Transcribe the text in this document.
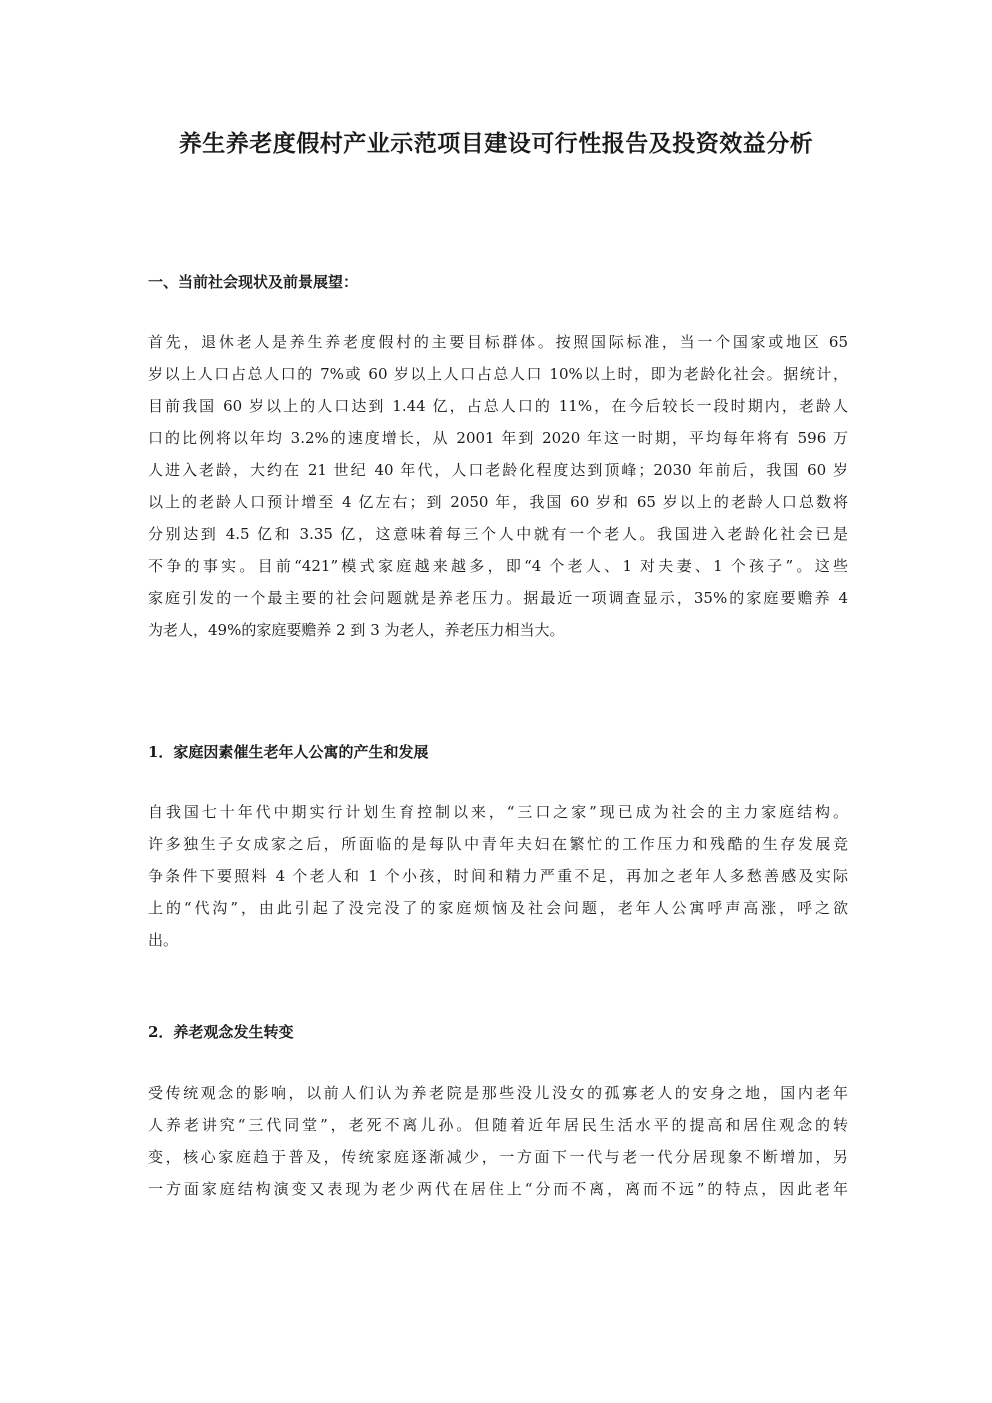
养生养老度假村产业示范项目建设可行性报告及投资效益分析
一、当前社会现状及前景展望：
首先，退休老人是养生养老度假村的主要目标群体。按照国际标准，当一个国家或地区 65
岁以上人口占总人口的 7%或 60 岁以上人口占总人口 10%以上时，即为老龄化社会。据统计，
目前我国 60 岁以上的人口达到 1.44 亿，占总人口的 11%，在今后较长一段时期内，老龄人
口的比例将以年均 3.2%的速度增长，从 2001 年到 2020 年这一时期，平均每年将有 596 万
人进入老龄，大约在 21 世纪 40 年代，人口老龄化程度达到顶峰；2030 年前后，我国 60 岁
以上的老龄人口预计增至 4 亿左右；到 2050 年，我国 60 岁和 65 岁以上的老龄人口总数将
分别达到 4.5 亿和 3.35 亿，这意味着每三个人中就有一个老人。我国进入老龄化社会已是
不争的事实。目前“421”模式家庭越来越多，即“4 个老人、1 对夫妻、1 个孩子”。这些
家庭引发的一个最主要的社会问题就是养老压力。据最近一项调查显示，35%的家庭要赡养 4
为老人，49%的家庭要赡养 2 到 3 为老人，养老压力相当大。
1．家庭因素催生老年人公寓的产生和发展
自我国七十年代中期实行计划生育控制以来，“三口之家”现已成为社会的主力家庭结构。
许多独生子女成家之后，所面临的是每队中青年夫妇在繁忙的工作压力和残酷的生存发展竞
争条件下要照料 4 个老人和 1 个小孩，时间和精力严重不足，再加之老年人多愁善感及实际
上的“代沟”，由此引起了没完没了的家庭烦恼及社会问题，老年人公寓呼声高涨，呼之欲
出。
2．养老观念发生转变
受传统观念的影响，以前人们认为养老院是那些没儿没女的孤寡老人的安身之地，国内老年
人养老讲究“三代同堂”，老死不离儿孙。但随着近年居民生活水平的提高和居住观念的转
变，核心家庭趋于普及，传统家庭逐渐减少，一方面下一代与老一代分居现象不断增加，另
一方面家庭结构演变又表现为老少两代在居住上“分而不离，离而不远”的特点，因此老年
